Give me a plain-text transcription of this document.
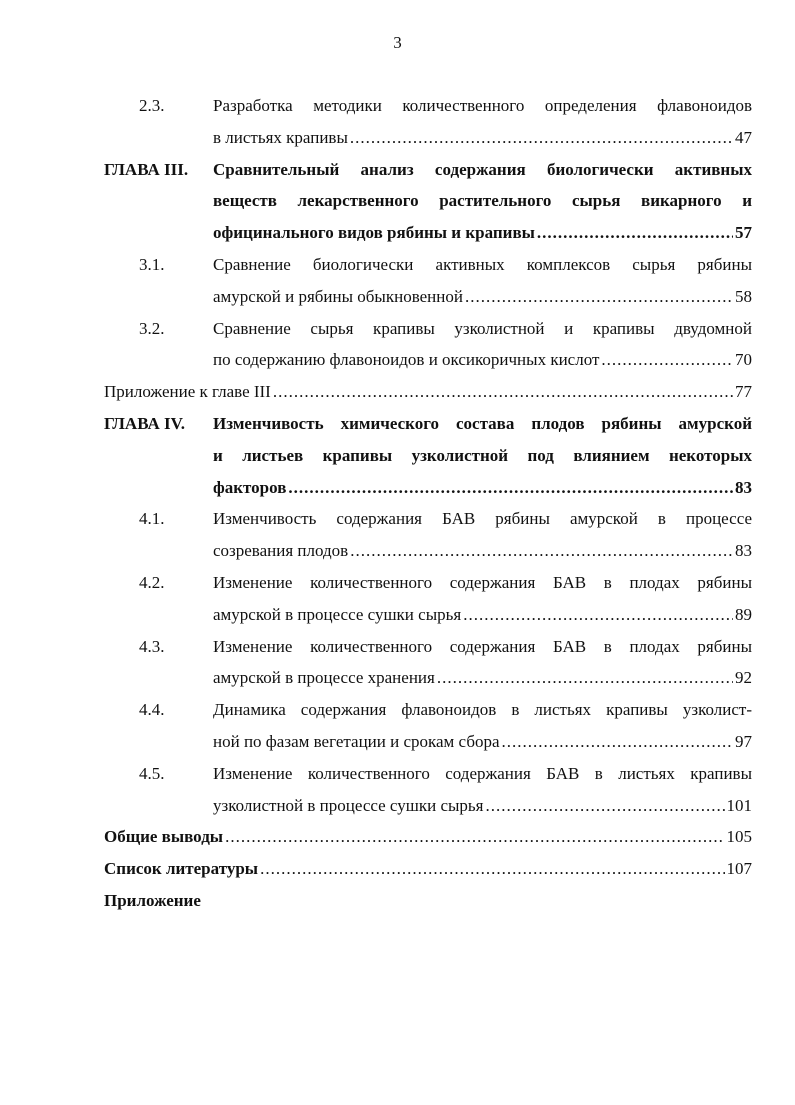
3
2.3.	Разработка методики количественного определения флавоноидов
в листьях крапивы .....	47
ГЛАВА III. Сравнительный анализ содержания биологически активных
веществ лекарственного растительного сырья викарного и
официнального видов рябины и крапивы .....	57
3.1.	Сравнение биологически активных комплексов сырья рябины
амурской и рябины обыкновенной .....	58
3.2.	Сравнение сырья крапивы узколистной и крапивы двудомной
по содержанию флавоноидов и оксикоричных кислот .....	70
Приложение к главе III .....	77
ГЛАВА IV. Изменчивость химического состава плодов рябины амурской
и листьев крапивы узколистной под влиянием некоторых
факторов .....	83
4.1.	Изменчивость содержания БАВ рябины амурской в процессе
созревания плодов .....	83
4.2.	Изменение количественного содержания БАВ в плодах рябины
амурской в процессе сушки сырья .....	89
4.3.	Изменение количественного содержания БАВ в плодах рябины
амурской в процессе хранения .....	92
4.4.	Динамика содержания флавоноидов в листьях крапивы узколист-
ной по фазам вегетации и срокам сбора .....	97
4.5.	Изменение количественного содержания БАВ в листьях крапивы
узколистной в процессе сушки сырья .....	101
Общие выводы .....	105
Список литературы .....	107
Приложение
